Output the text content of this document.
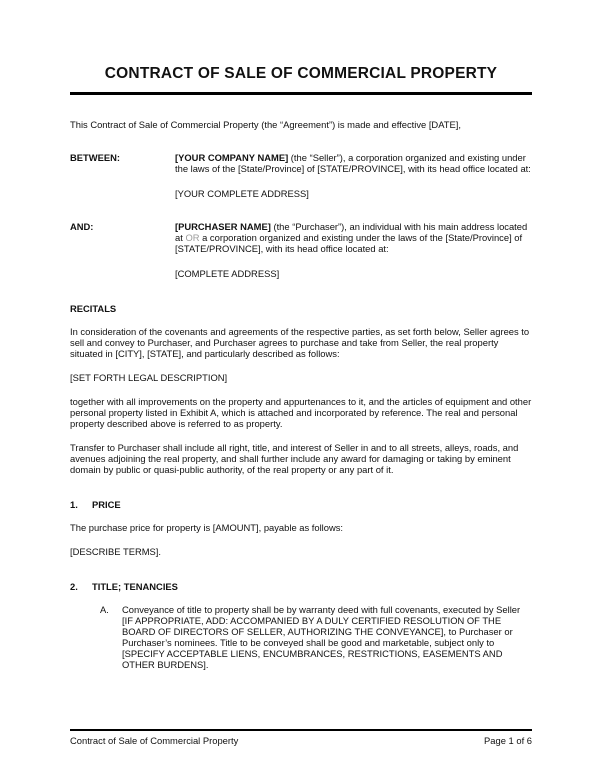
CONTRACT OF SALE OF COMMERCIAL PROPERTY

This Contract of Sale of Commercial Property (the “Agreement”) is made and effective [DATE],

BETWEEN:	[YOUR COMPANY NAME] (the “Seller”), a corporation organized and existing under the laws of the [State/Province] of [STATE/PROVINCE], with its head office located at:

[YOUR COMPLETE ADDRESS]

AND:	[PURCHASER NAME] (the “Purchaser”), an individual with his main address located at OR a corporation organized and existing under the laws of the [State/Province] of [STATE/PROVINCE], with its head office located at:

[COMPLETE ADDRESS]

RECITALS

In consideration of the covenants and agreements of the respective parties, as set forth below, Seller agrees to sell and convey to Purchaser, and Purchaser agrees to purchase and take from Seller, the real property situated in [CITY], [STATE], and particularly described as follows:

[SET FORTH LEGAL DESCRIPTION]

together with all improvements on the property and appurtenances to it, and the articles of equipment and other personal property listed in Exhibit A, which is attached and incorporated by reference. The real and personal property described above is referred to as property.

Transfer to Purchaser shall include all right, title, and interest of Seller in and to all streets, alleys, roads, and avenues adjoining the real property, and shall further include any award for damaging or taking by eminent domain by public or quasi-public authority, of the real property or any part of it.

1. PRICE

The purchase price for property is [AMOUNT], payable as follows:

[DESCRIBE TERMS].

2. TITLE; TENANCIES
A.	Conveyance of title to property shall be by warranty deed with full covenants, executed by Seller [IF APPROPRIATE, ADD: ACCOMPANIED BY A DULY CERTIFIED RESOLUTION OF THE BOARD OF DIRECTORS OF SELLER, AUTHORIZING THE CONVEYANCE], to Purchaser or Purchaser’s nominees. Title to be conveyed shall be good and marketable, subject only to [SPECIFY ACCEPTABLE LIENS, ENCUMBRANCES, RESTRICTIONS, EASEMENTS AND OTHER BURDENS].

Contract of Sale of Commercial Property	Page 1 of 6
